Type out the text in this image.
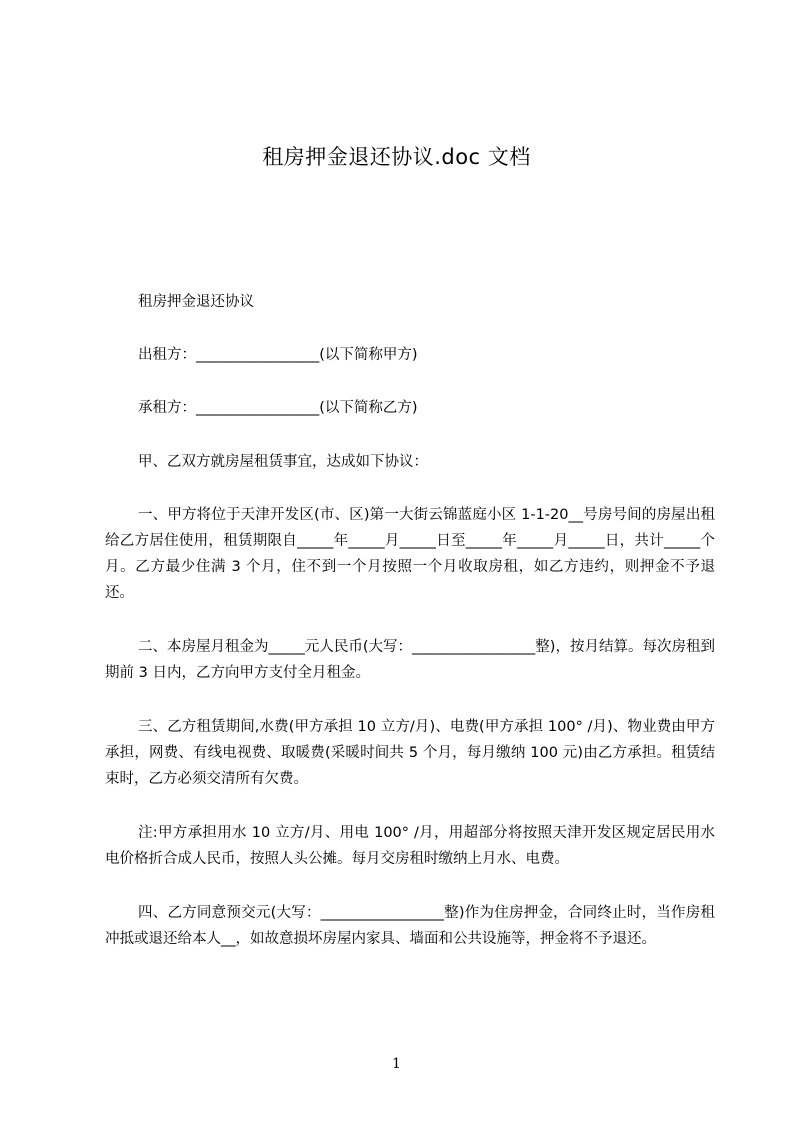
租房押金退还协议.doc 文档

租房押金退还协议

出租方：_________________(以下简称甲方)

承租方：_________________(以下简称乙方)

甲、乙双方就房屋租赁事宜，达成如下协议：

一、甲方将位于天津开发区(市、区)第一大街云锦蓝庭小区 1-1-20__号房号间的房屋出租给乙方居住使用，租赁期限自_____年_____月_____日至_____年_____月_____日，共计_____个月。乙方最少住满 3 个月，住不到一个月按照一个月收取房租，如乙方违约，则押金不予退还。

二、本房屋月租金为_____元人民币(大写：_________________整)，按月结算。每次房租到期前 3 日内，乙方向甲方支付全月租金。

三、乙方租赁期间,水费(甲方承担 10 立方/月)、电费(甲方承担 100° /月)、物业费由甲方承担，网费、有线电视费、取暖费(采暖时间共 5 个月，每月缴纳 100 元)由乙方承担。租赁结束时，乙方必须交清所有欠费。

注:甲方承担用水 10 立方/月、用电 100° /月，用超部分将按照天津开发区规定居民用水电价格折合成人民币，按照人头公摊。每月交房租时缴纳上月水、电费。

四、乙方同意预交元(大写：_________________整)作为住房押金，合同终止时，当作房租冲抵或退还给本人__，如故意损坏房屋内家具、墙面和公共设施等，押金将不予退还。

1
